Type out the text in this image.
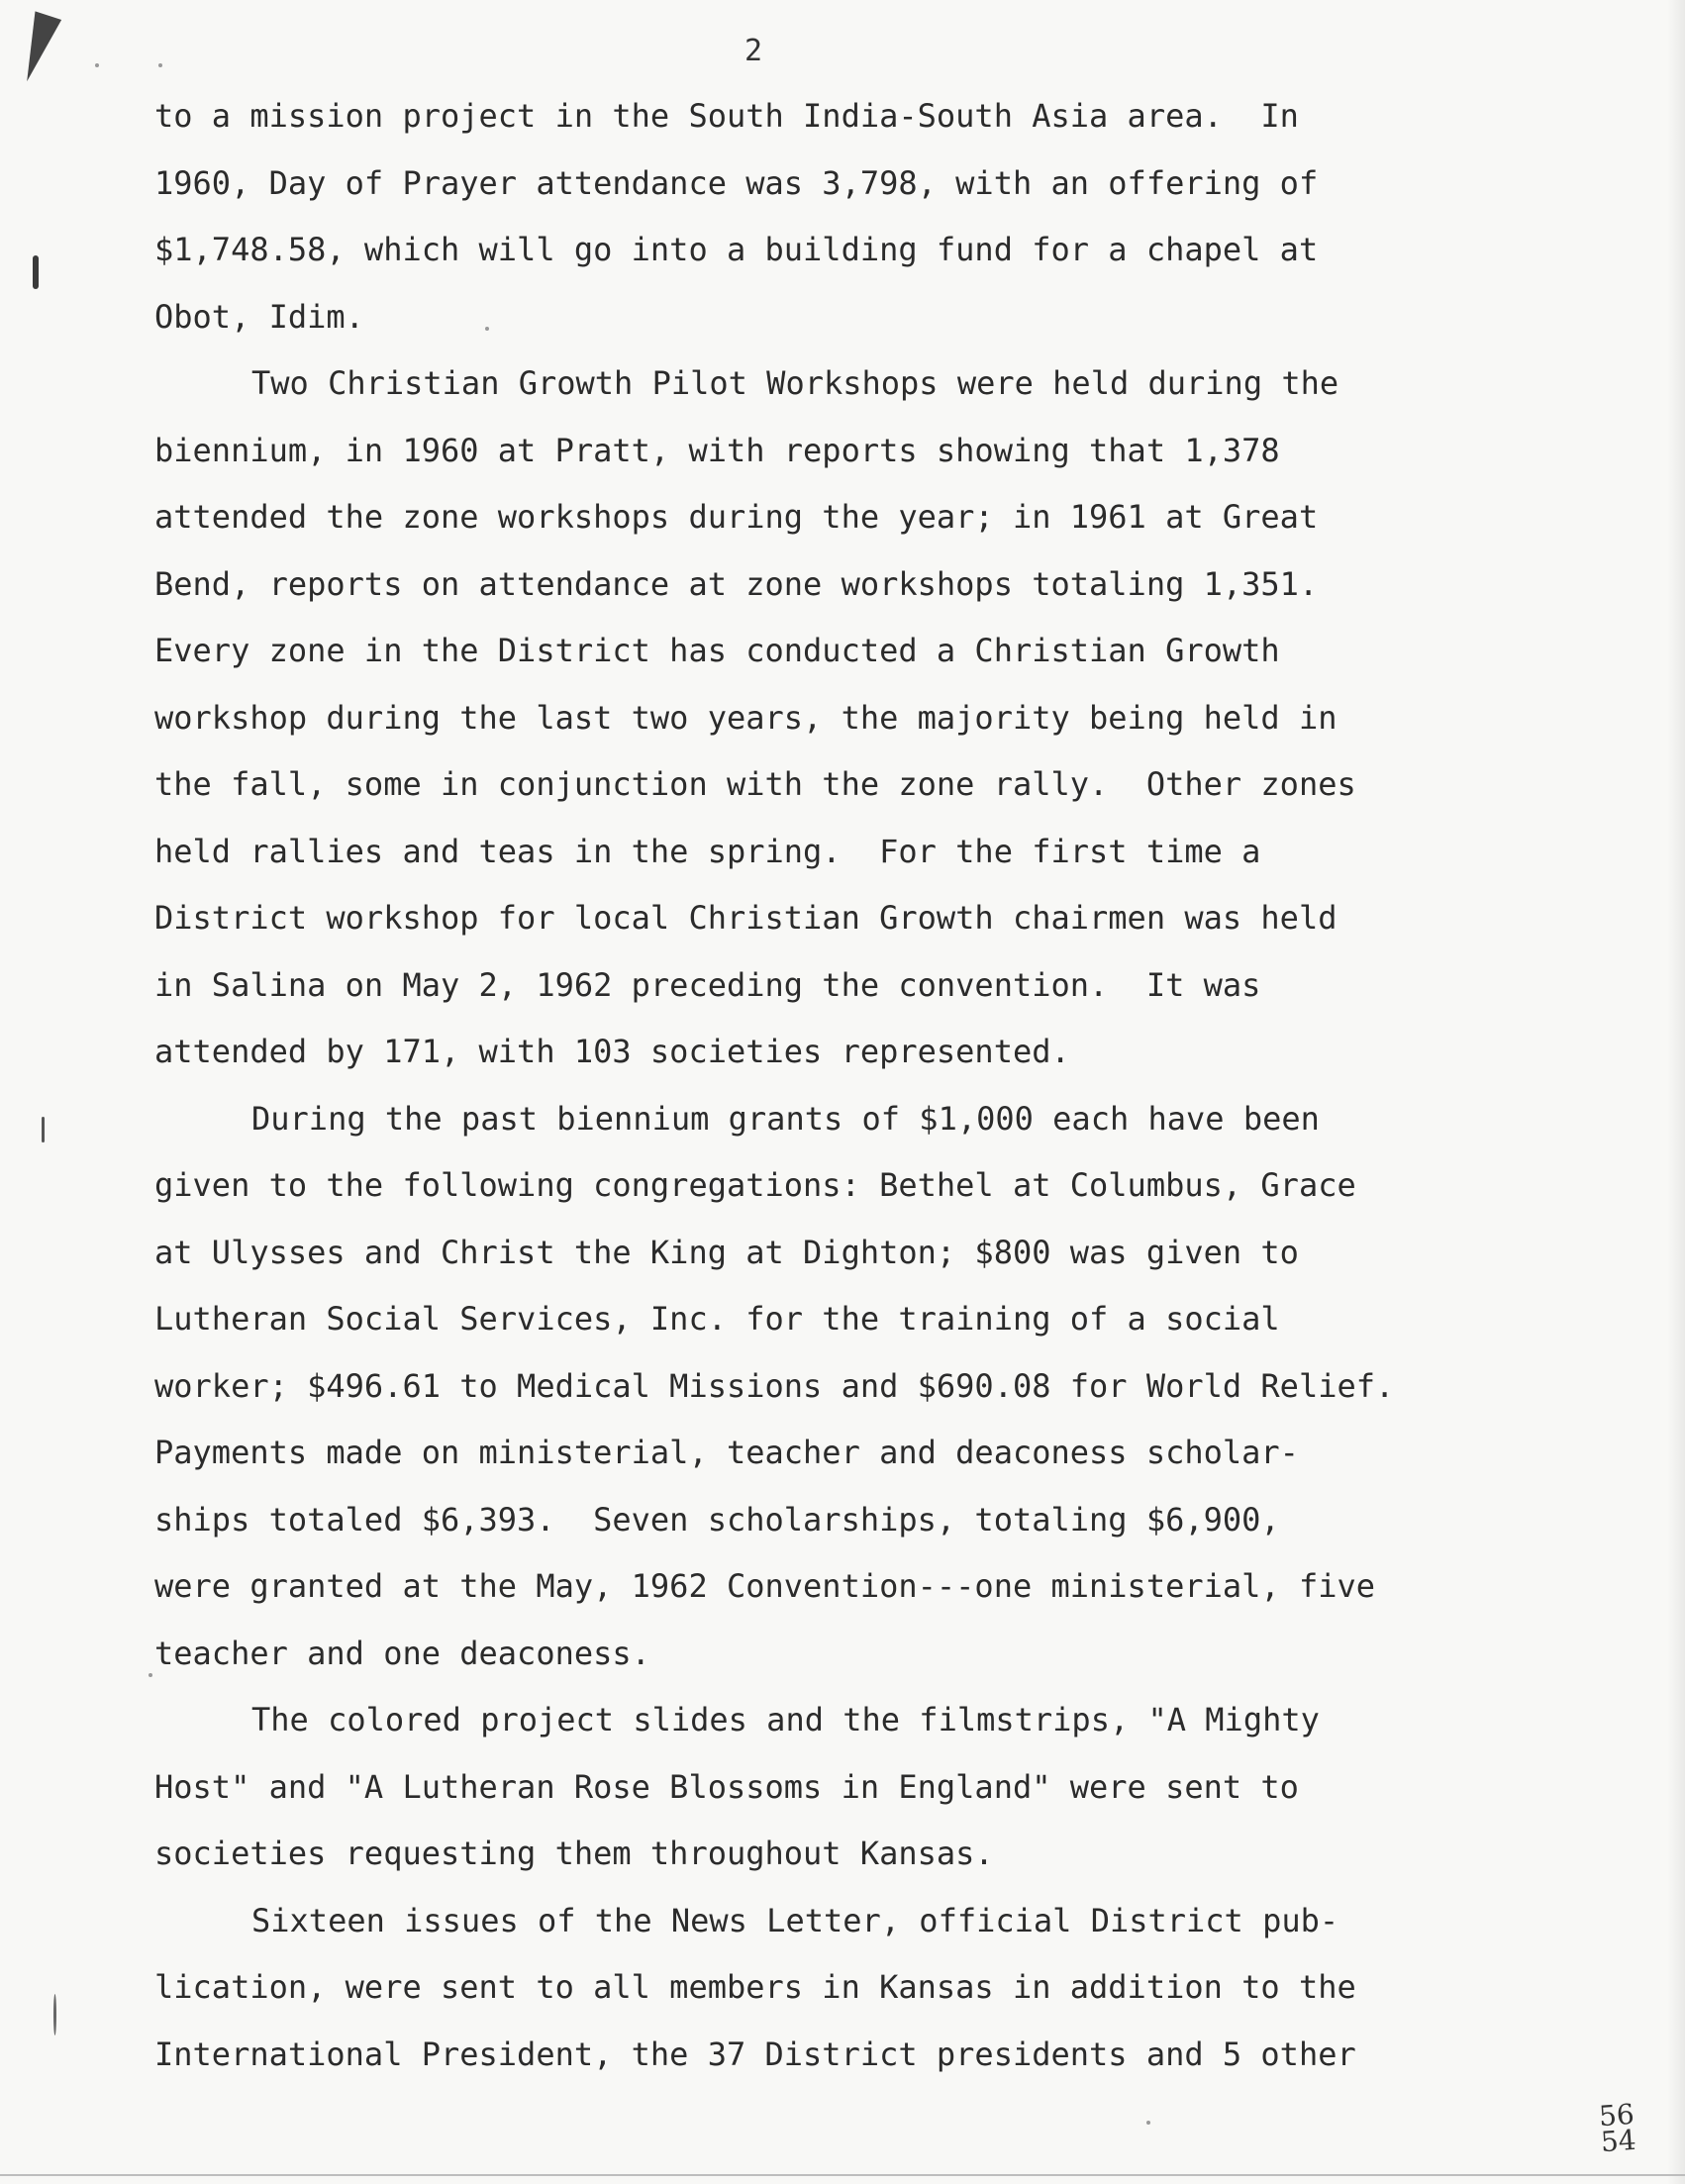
2
to a mission project in the South India-South Asia area.  In
1960, Day of Prayer attendance was 3,798, with an offering of
$1,748.58, which will go into a building fund for a chapel at
Obot, Idim.
Two Christian Growth Pilot Workshops were held during the
biennium, in 1960 at Pratt, with reports showing that 1,378
attended the zone workshops during the year; in 1961 at Great
Bend, reports on attendance at zone workshops totaling 1,351.
Every zone in the District has conducted a Christian Growth
workshop during the last two years, the majority being held in
the fall, some in conjunction with the zone rally.  Other zones
held rallies and teas in the spring.  For the first time a
District workshop for local Christian Growth chairmen was held
in Salina on May 2, 1962 preceding the convention.  It was
attended by 171, with 103 societies represented.
During the past biennium grants of $1,000 each have been
given to the following congregations: Bethel at Columbus, Grace
at Ulysses and Christ the King at Dighton; $800 was given to
Lutheran Social Services, Inc. for the training of a social
worker; $496.61 to Medical Missions and $690.08 for World Relief.
Payments made on ministerial, teacher and deaconess scholar-
ships totaled $6,393.  Seven scholarships, totaling $6,900,
were granted at the May, 1962 Convention---one ministerial, five
teacher and one deaconess.
The colored project slides and the filmstrips, "A Mighty
Host" and "A Lutheran Rose Blossoms in England" were sent to
societies requesting them throughout Kansas.
Sixteen issues of the News Letter, official District pub-
lication, were sent to all members in Kansas in addition to the
International President, the 37 District presidents and 5 other
56
54
